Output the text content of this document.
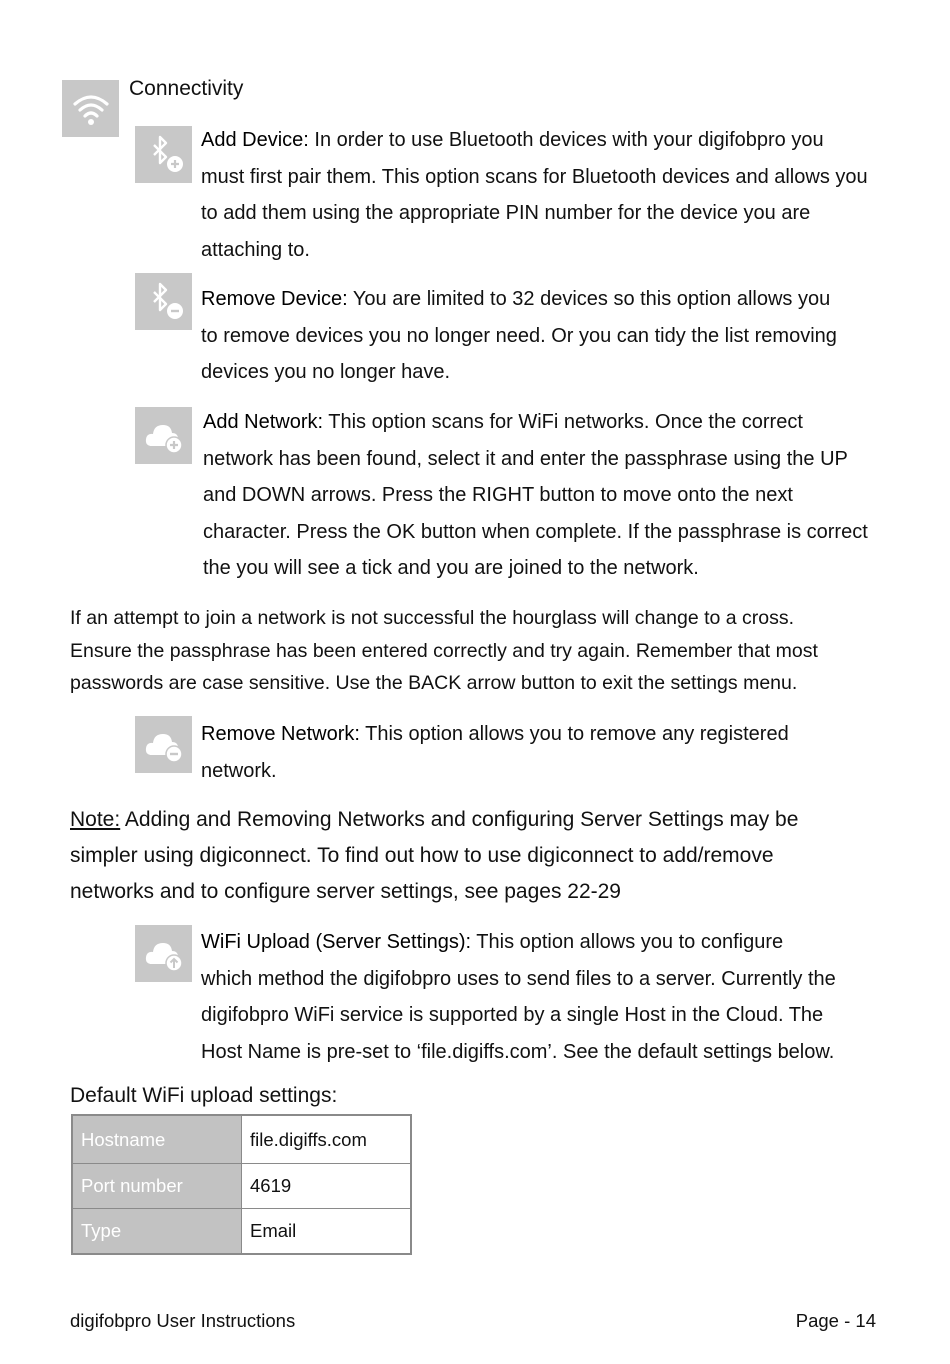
Connectivity
Add Device: In order to use Bluetooth devices with your digifobpro you
must first pair them. This option scans for Bluetooth devices and allows you
to add them using the appropriate PIN number for the device you are
attaching to.
Remove Device: You are limited to 32 devices so this option allows you
to remove devices you no longer need. Or you can tidy the list removing
devices you no longer have.
Add Network: This option scans for WiFi networks. Once the correct
network has been found, select it and enter the passphrase using the UP
and DOWN arrows. Press the RIGHT button to move onto the next
character. Press the OK button when complete. If the passphrase is correct
the you will see a tick and you are joined to the network.
If an attempt to join a network is not successful the hourglass will change to a cross.
Ensure the passphrase has been entered correctly and try again. Remember that most
passwords are case sensitive. Use the BACK arrow button to exit the settings menu.
Remove Network: This option allows you to remove any registered
network.
Note: Adding and Removing Networks and configuring Server Settings may be
simpler using digiconnect. To find out how to use digiconnect to add/remove
networks and to configure server settings, see pages 22-29
WiFi Upload (Server Settings): This option allows you to configure
which method the digifobpro uses to send files to a server. Currently the
digifobpro WiFi service is supported by a single Host in the Cloud. The
Host Name is pre-set to ‘file.digiffs.com’. See the default settings below.
Default WiFi upload settings:
Hostname	file.digiffs.com
Port number	4619
Type	Email
digifobpro User Instructions	Page - 14
